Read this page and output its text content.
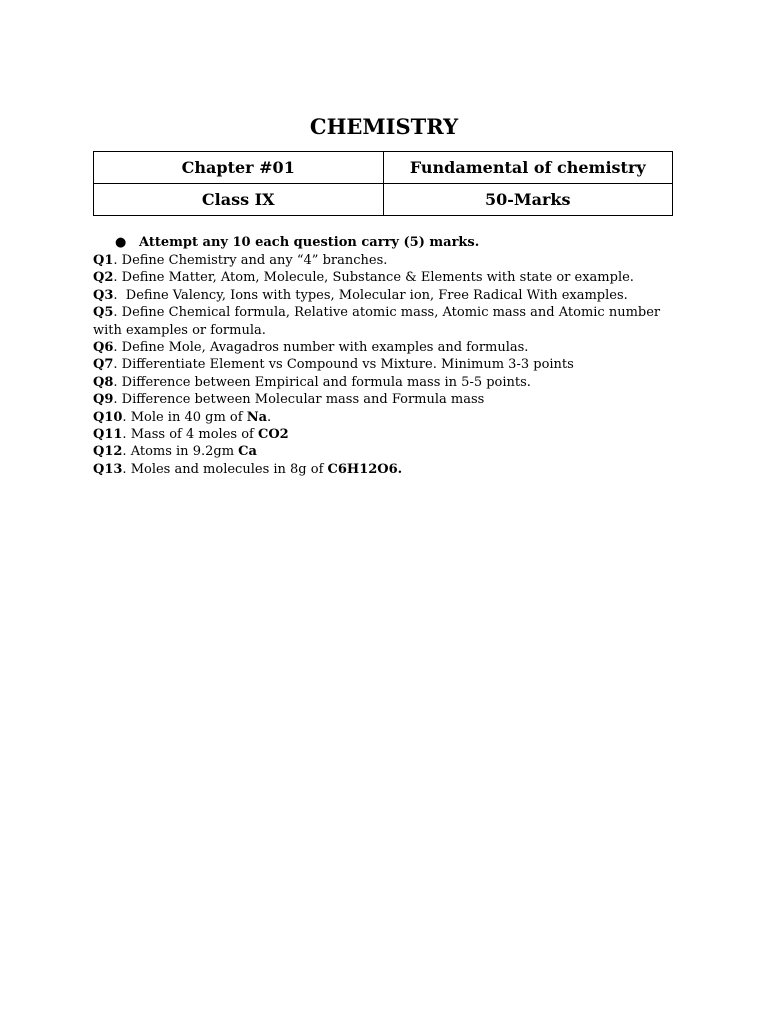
CHEMISTRY
Chapter #01	Fundamental of chemistry
Class IX	50-Marks
● Attempt any 10 each question carry (5) marks.
Q1. Define Chemistry and any “4” branches.
Q2. Define Matter, Atom, Molecule, Substance & Elements with state or example.
Q3.  Define Valency, Ions with types, Molecular ion, Free Radical With examples.
Q5. Define Chemical formula, Relative atomic mass, Atomic mass and Atomic number with examples or formula.
Q6. Define Mole, Avagadros number with examples and formulas.
Q7. Differentiate Element vs Compound vs Mixture. Minimum 3-3 points
Q8. Difference between Empirical and formula mass in 5-5 points.
Q9. Difference between Molecular mass and Formula mass
Q10. Mole in 40 gm of Na.
Q11. Mass of 4 moles of CO2
Q12. Atoms in 9.2gm Ca
Q13. Moles and molecules in 8g of C6H12O6.
